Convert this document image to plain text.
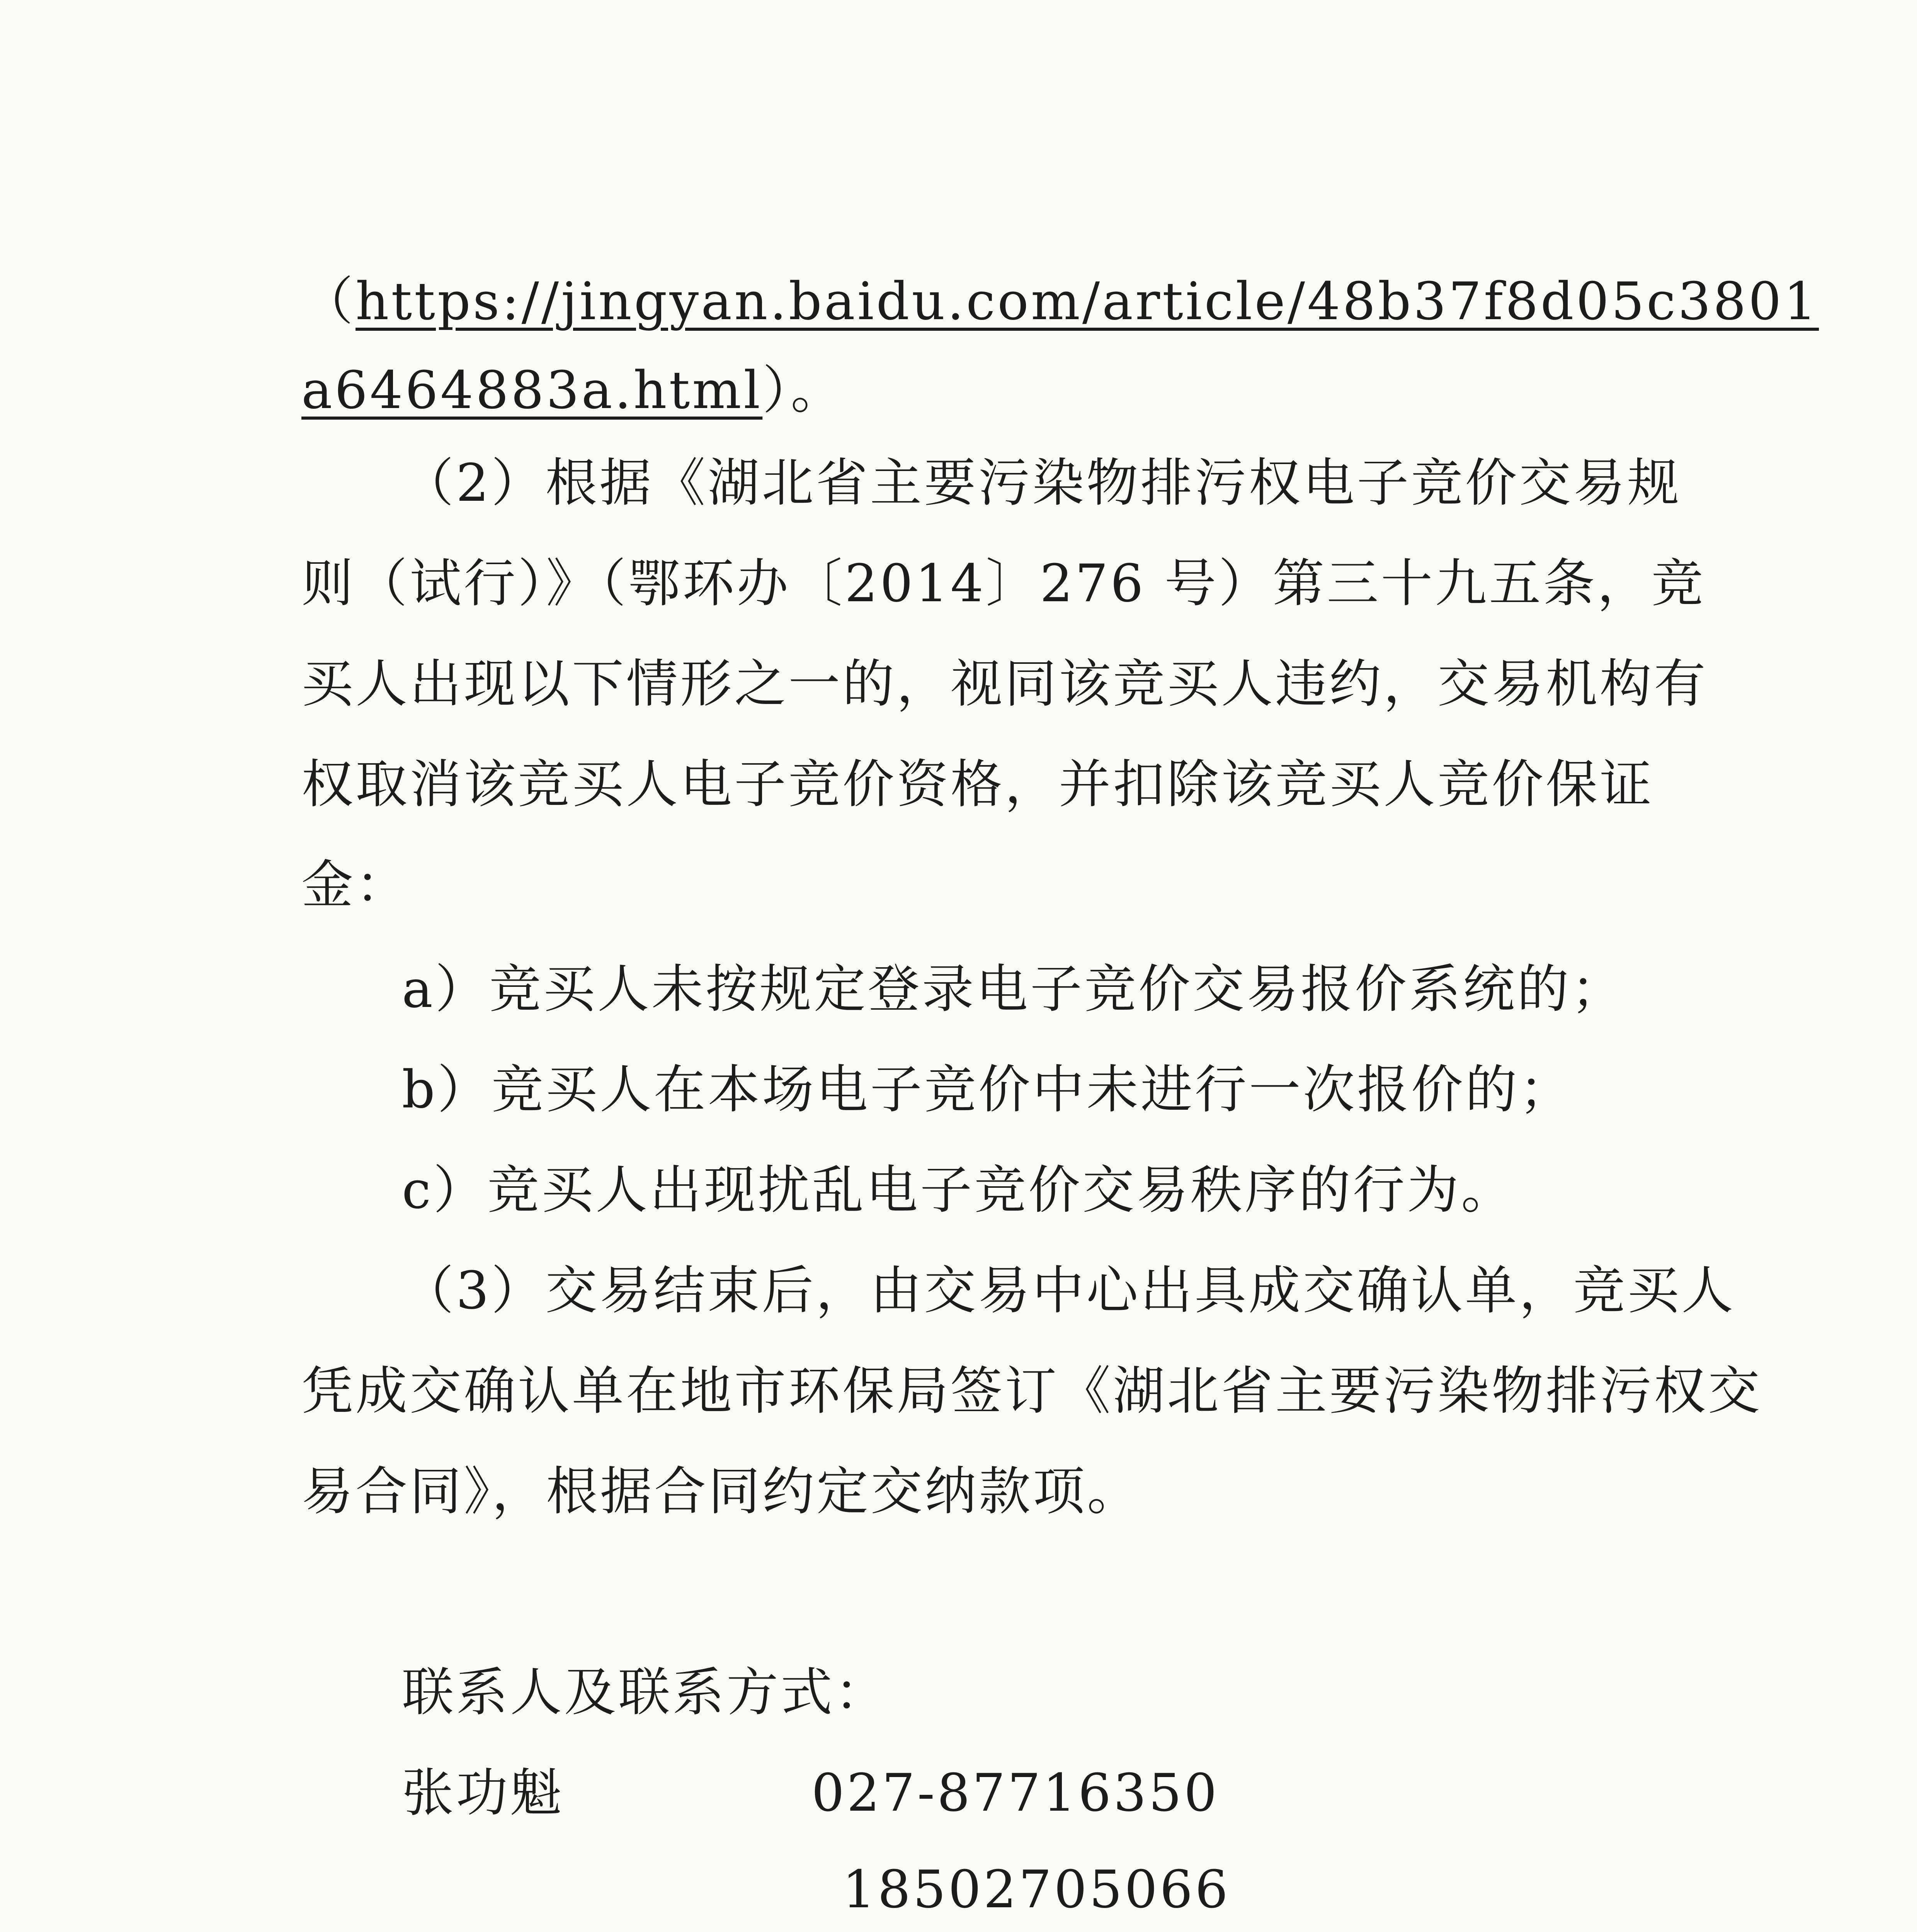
（https://jingyan.baidu.com/article/48b37f8d05c3801
a6464883a.html）。
（2）根据《湖北省主要污染物排污权电子竞价交易规
则（试行）》（鄂环办〔2014〕276 号）第三十九五条，竞
买人出现以下情形之一的，视同该竞买人违约，交易机构有
权取消该竞买人电子竞价资格，并扣除该竞买人竞价保证
金：
a）竞买人未按规定登录电子竞价交易报价系统的；
b）竞买人在本场电子竞价中未进行一次报价的；
c）竞买人出现扰乱电子竞价交易秩序的行为。
（3）交易结束后，由交易中心出具成交确认单，竞买人
凭成交确认单在地市环保局签订《湖北省主要污染物排污权交
易合同》，根据合同约定交纳款项。
联系人及联系方式：
张功魁	027-87716350
18502705066
